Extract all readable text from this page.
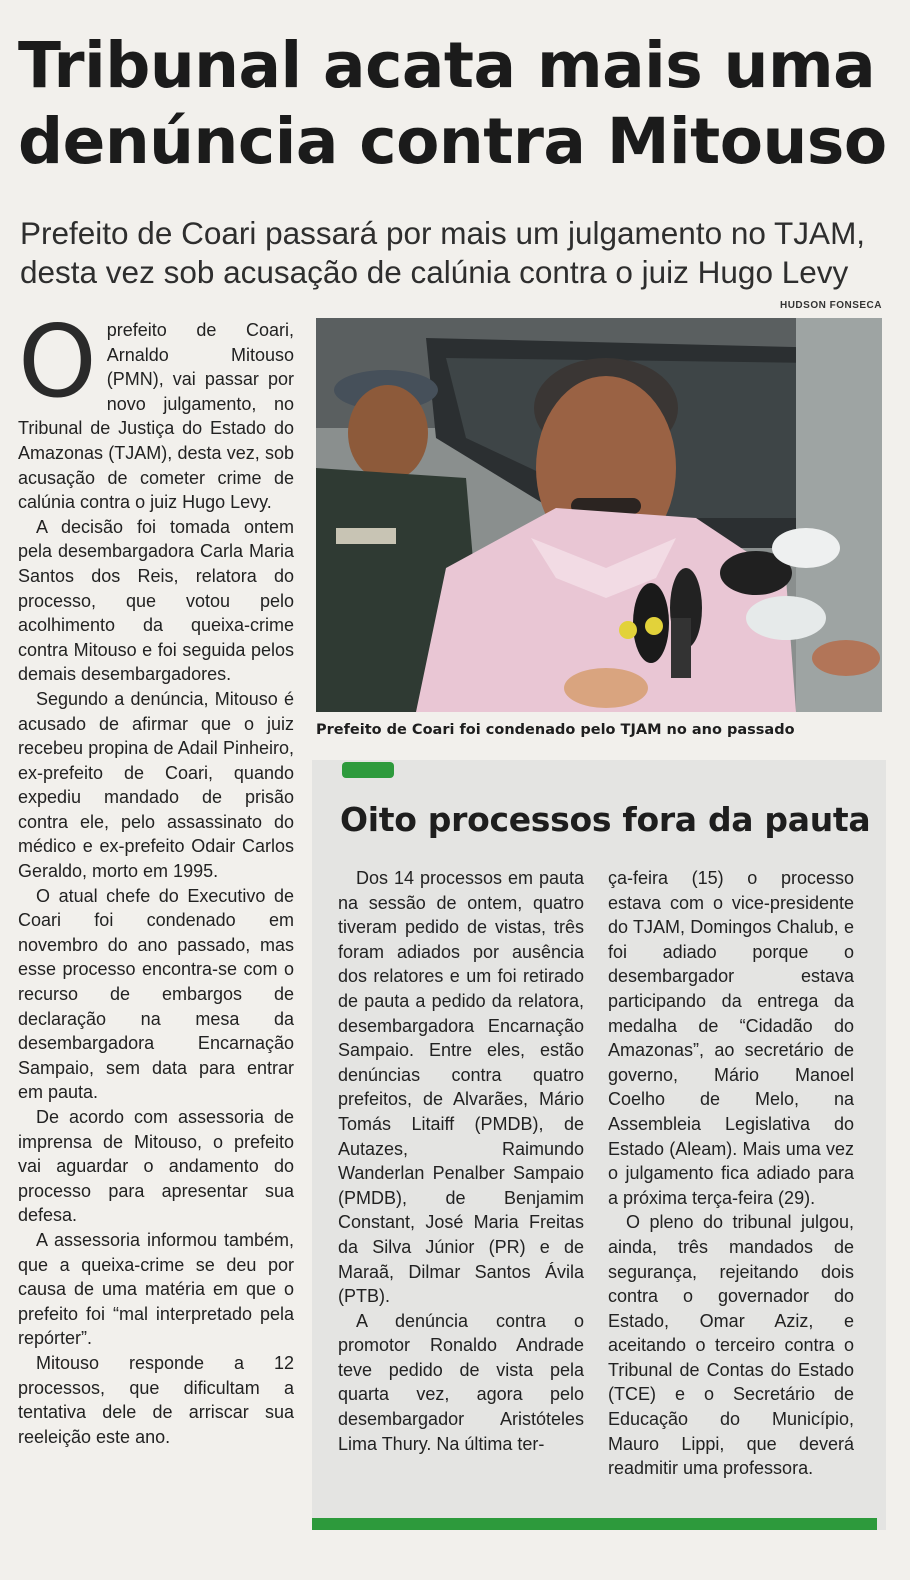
Tribunal acata mais uma denúncia contra Mitouso
Prefeito de Coari passará por mais um julgamento no TJAM, desta vez sob acusação de calúnia contra o juiz Hugo Levy
HUDSON FONSECA

Oprefeito de Coari, Arnaldo Mitouso (PMN), vai passar por novo julgamento, no Tribunal de Justiça do Estado do Amazonas (TJAM), desta vez, sob acusação de cometer crime de calúnia contra o juiz Hugo Levy.

A decisão foi tomada ontem pela desembargadora Carla Maria Santos dos Reis, relatora do processo, que votou pelo acolhimento da queixa-crime contra Mitouso e foi seguida pelos demais desembargadores.

Segundo a denúncia, Mitouso é acusado de afirmar que o juiz recebeu propina de Adail Pinheiro, ex-prefeito de Coari, quando expediu mandado de prisão contra ele, pelo assassinato do médico e ex-prefeito Odair Carlos Geraldo, morto em 1995.

O atual chefe do Executivo de Coari foi condenado em novembro do ano passado, mas esse processo encontra-se com o recurso de embargos de declaração na mesa da desembargadora Encarnação Sampaio, sem data para entrar em pauta.

De acordo com assessoria de imprensa de Mitouso, o prefeito vai aguardar o andamento do processo para apresentar sua defesa.

A assessoria informou também, que a queixa-crime se deu por causa de uma matéria em que o prefeito foi “mal interpretado pela repórter”.

Mitouso responde a 12 processos, que dificultam a tentativa dele de arriscar sua reeleição este ano.

Prefeito de Coari foi condenado pelo TJAM no ano passado
Oito processos fora da pauta

Dos 14 processos em pauta na sessão de ontem, quatro tiveram pedido de vistas, três foram adiados por ausência dos relatores e um foi retirado de pauta a pedido da relatora, desembargadora Encarnação Sampaio. Entre eles, estão denúncias contra quatro prefeitos, de Alvarães, Mário Tomás Litaiff (PMDB), de Autazes, Raimundo Wanderlan Penalber Sampaio (PMDB), de Benjamim Constant, José Maria Freitas da Silva Júnior (PR) e de Maraã, Dilmar Santos Ávila (PTB).

A denúncia contra o promotor Ronaldo Andrade teve pedido de vista pela quarta vez, agora pelo desembargador Aristóteles Lima Thury. Na última ter-

ça-feira (15) o processo estava com o vice-presidente do TJAM, Domingos Chalub, e foi adiado porque o desembargador estava participando da entrega da medalha de “Cidadão do Amazonas”, ao secretário de governo, Mário Manoel Coelho de Melo, na Assembleia Legislativa do Estado (Aleam). Mais uma vez o julgamento fica adiado para a próxima terça-feira (29).

O pleno do tribunal julgou, ainda, três mandados de segurança, rejeitando dois contra o governador do Estado, Omar Aziz, e aceitando o terceiro contra o Tribunal de Contas do Estado (TCE) e o Secretário de Educação do Município, Mauro Lippi, que deverá readmitir uma professora.
